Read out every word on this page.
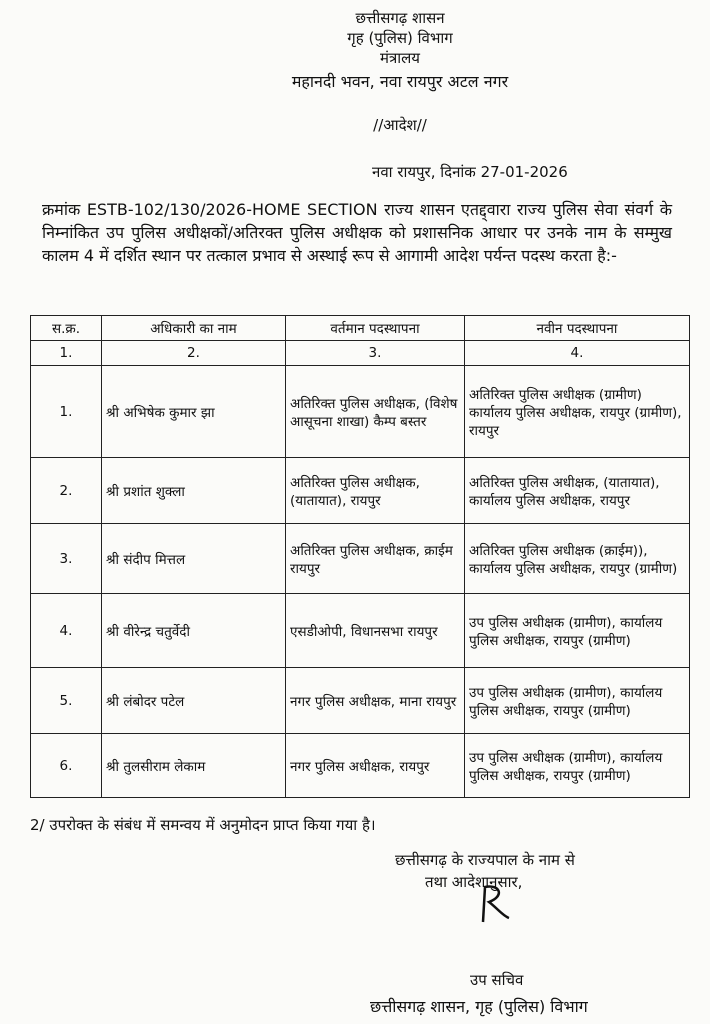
छत्तीसगढ़ शासन
गृह (पुलिस) विभाग
मंत्रालय
महानदी भवन, नवा रायपुर अटल नगर
//आदेश//
नवा रायपुर, दिनांक 27-01-2026
क्रमांक ESTB-102/130/2026-HOME SECTION राज्य शासन एतद्द्वारा राज्य पुलिस सेवा संवर्ग के निम्नांकित उप पुलिस अधीक्षकों/अतिरक्त पुलिस अधीक्षक को प्रशासनिक आधार पर उनके नाम के सम्मुख कालम 4 में दर्शित स्थान पर तत्काल प्रभाव से अस्थाई रूप से आगामी आदेश पर्यन्त पदस्थ करता है:-
स.क्र.	अधिकारी का नाम	वर्तमान पदस्थापना	नवीन पदस्थापना
1.	2.	3.	4.
1.	श्री अभिषेक कुमार झा	अतिरिक्त पुलिस अधीक्षक, (विशेष आसूचना शाखा) कैम्प बस्तर	अतिरिक्त पुलिस अधीक्षक (ग्रामीण) कार्यालय पुलिस अधीक्षक, रायपुर (ग्रामीण), रायपुर
2.	श्री प्रशांत शुक्ला	अतिरिक्त पुलिस अधीक्षक, (यातायात), रायपुर	अतिरिक्त पुलिस अधीक्षक, (यातायात), कार्यालय पुलिस अधीक्षक, रायपुर
3.	श्री संदीप मित्तल	अतिरिक्त पुलिस अधीक्षक, क्राईम रायपुर	अतिरिक्त पुलिस अधीक्षक (क्राईम)), कार्यालय पुलिस अधीक्षक, रायपुर (ग्रामीण)
4.	श्री वीरेन्द्र चतुर्वेदी	एसडीओपी, विधानसभा रायपुर	उप पुलिस अधीक्षक (ग्रामीण), कार्यालय पुलिस अधीक्षक, रायपुर (ग्रामीण)
5.	श्री लंबोदर पटेल	नगर पुलिस अधीक्षक, माना रायपुर	उप पुलिस अधीक्षक (ग्रामीण), कार्यालय पुलिस अधीक्षक, रायपुर (ग्रामीण)
6.	श्री तुलसीराम लेकाम	नगर पुलिस अधीक्षक, रायपुर	उप पुलिस अधीक्षक (ग्रामीण), कार्यालय पुलिस अधीक्षक, रायपुर (ग्रामीण)
2/ उपरोक्त के संबंध में समन्वय में अनुमोदन प्राप्त किया गया है।
छत्तीसगढ़ के राज्यपाल के नाम से
तथा आदेशानुसार,
उप सचिव
छत्तीसगढ़ शासन, गृह (पुलिस) विभाग
